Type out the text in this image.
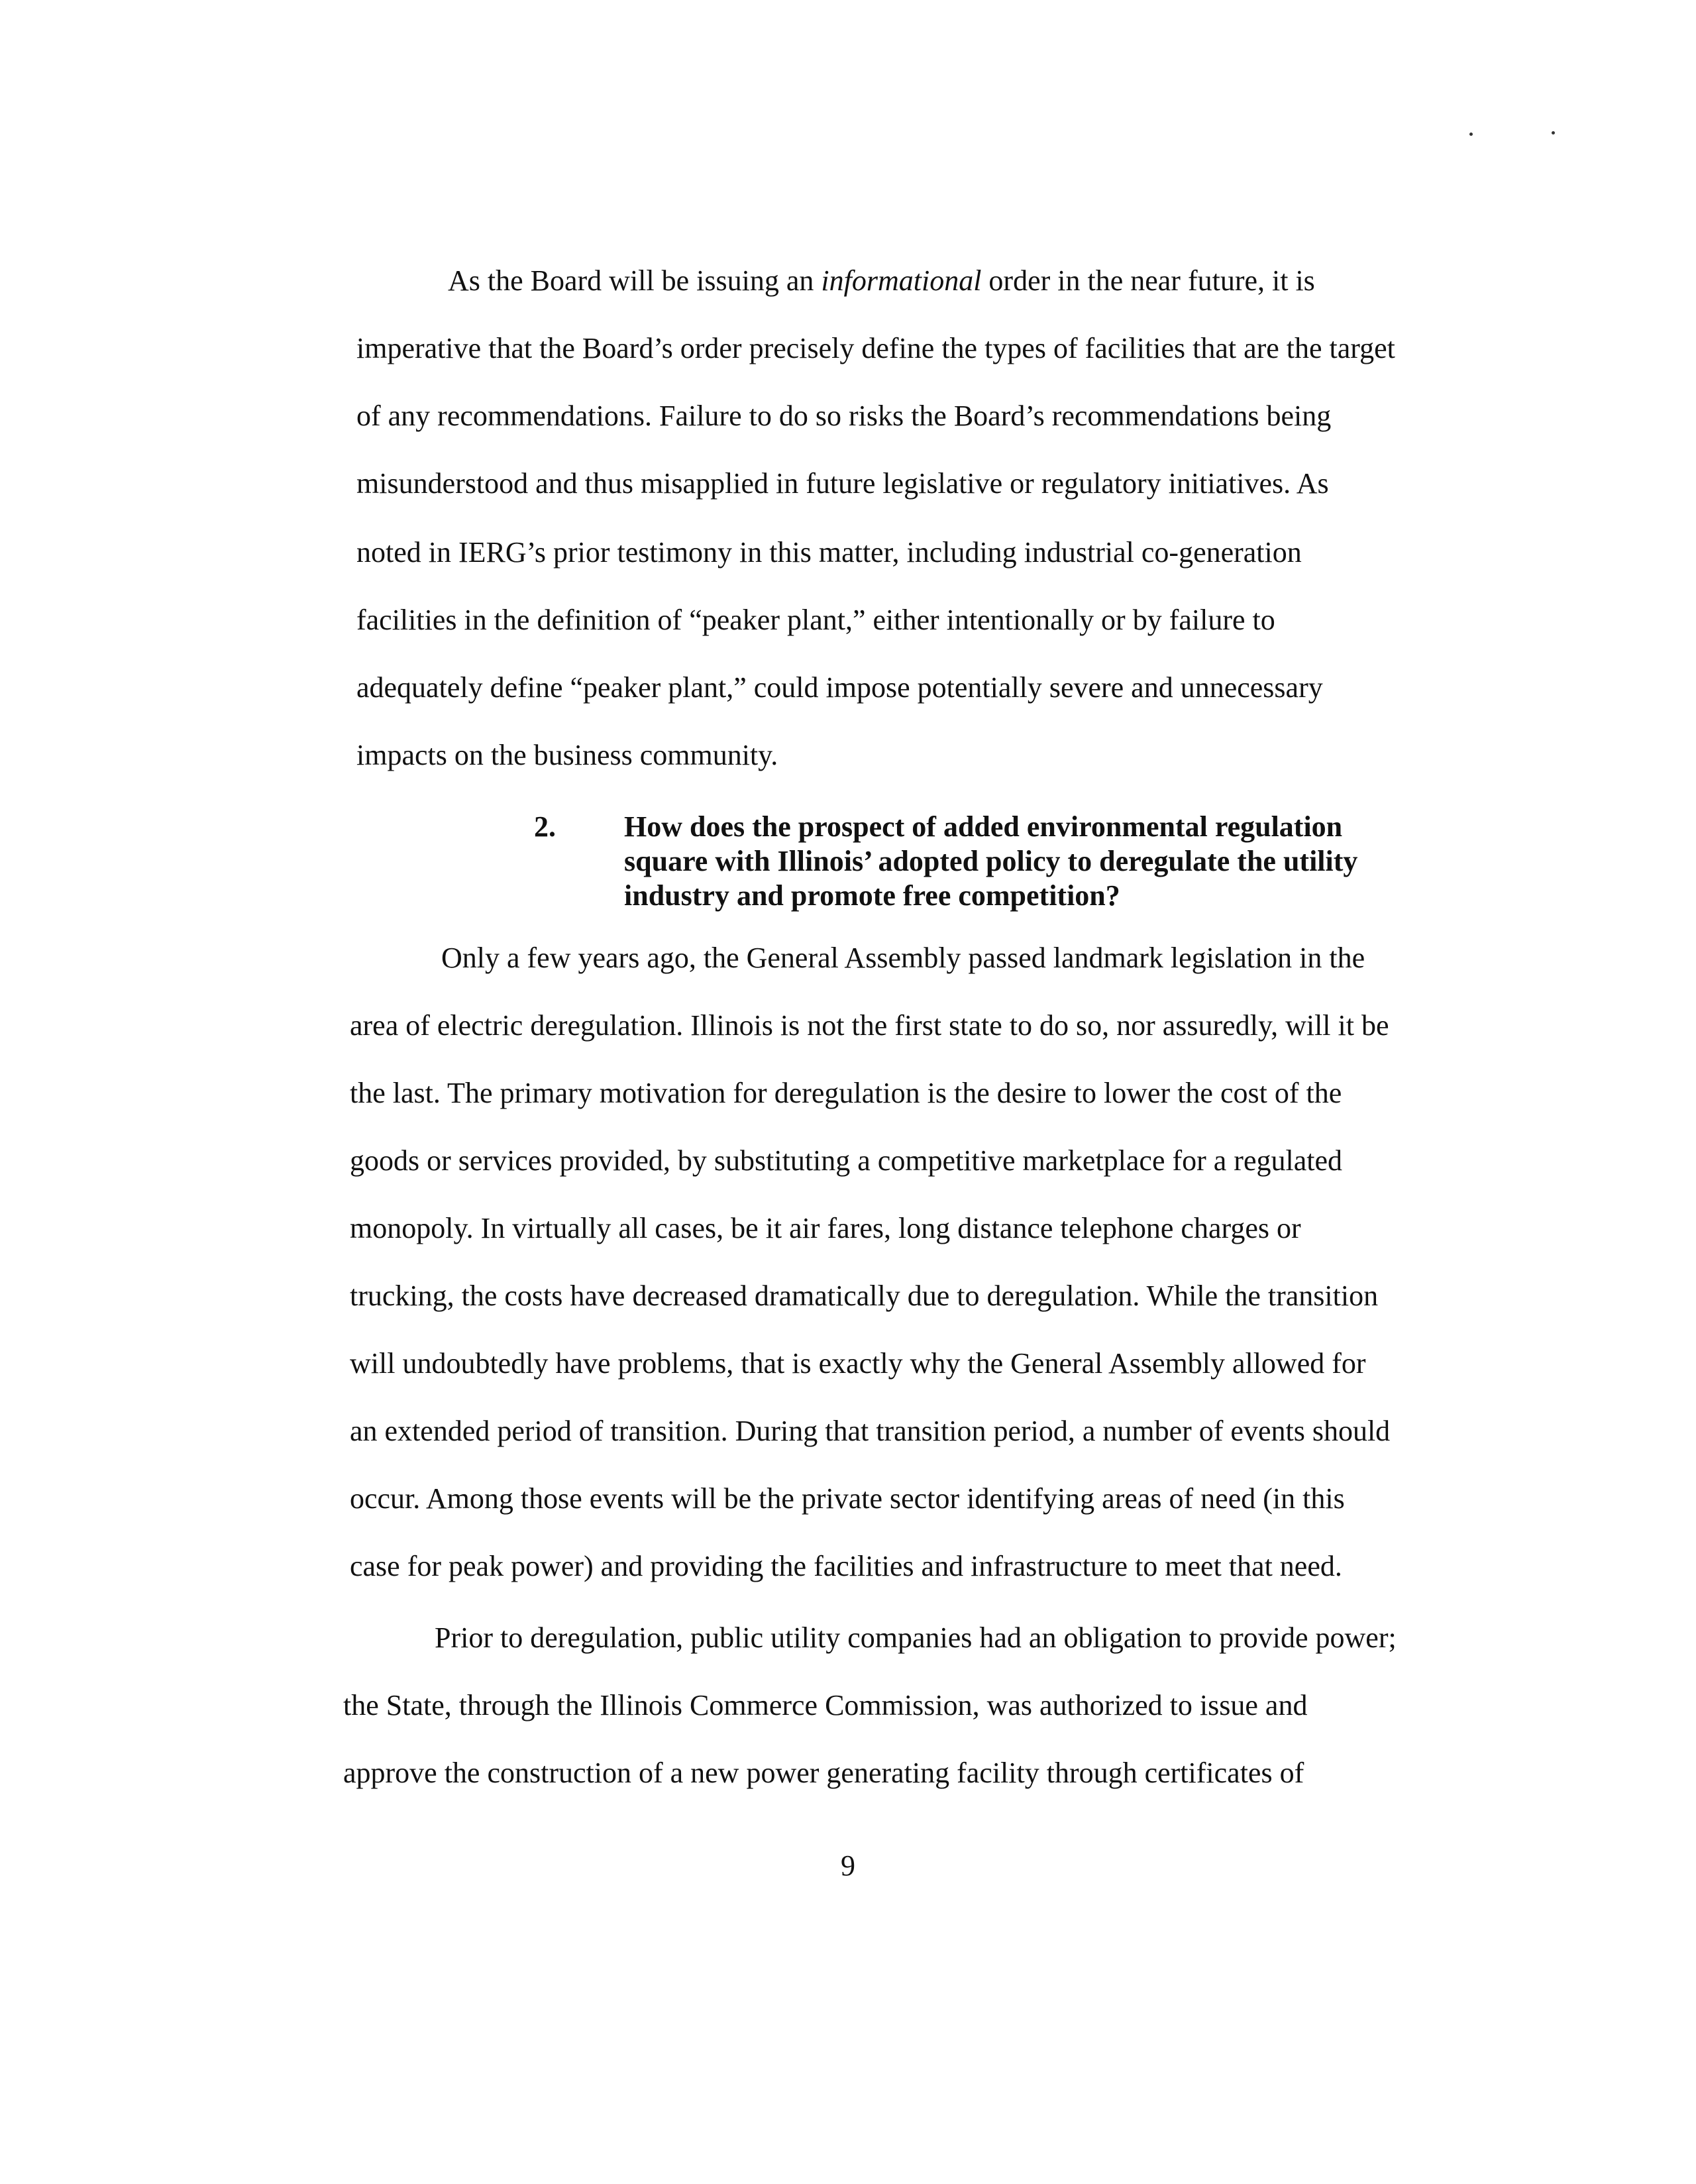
As the Board will be issuing an informational order in the near future, it is
imperative that the Board’s order precisely define the types of facilities that are the target
of any recommendations. Failure to do so risks the Board’s recommendations being
misunderstood and thus misapplied in future legislative or regulatory initiatives. As
noted in IERG’s prior testimony in this matter, including industrial co-generation
facilities in the definition of “peaker plant,” either intentionally or by failure to
adequately define “peaker plant,” could impose potentially severe and unnecessary
impacts on the business community.
2. How does the prospect of added environmental regulation
square with Illinois’ adopted policy to deregulate the utility
industry and promote free competition?
Only a few years ago, the General Assembly passed landmark legislation in the
area of electric deregulation. Illinois is not the first state to do so, nor assuredly, will it be
the last. The primary motivation for deregulation is the desire to lower the cost of the
goods or services provided, by substituting a competitive marketplace for a regulated
monopoly. In virtually all cases, be it air fares, long distance telephone charges or
trucking, the costs have decreased dramatically due to deregulation. While the transition
will undoubtedly have problems, that is exactly why the General Assembly allowed for
an extended period of transition. During that transition period, a number of events should
occur. Among those events will be the private sector identifying areas of need (in this
case for peak power) and providing the facilities and infrastructure to meet that need.
Prior to deregulation, public utility companies had an obligation to provide power;
the State, through the Illinois Commerce Commission, was authorized to issue and
approve the construction of a new power generating facility through certificates of
9
